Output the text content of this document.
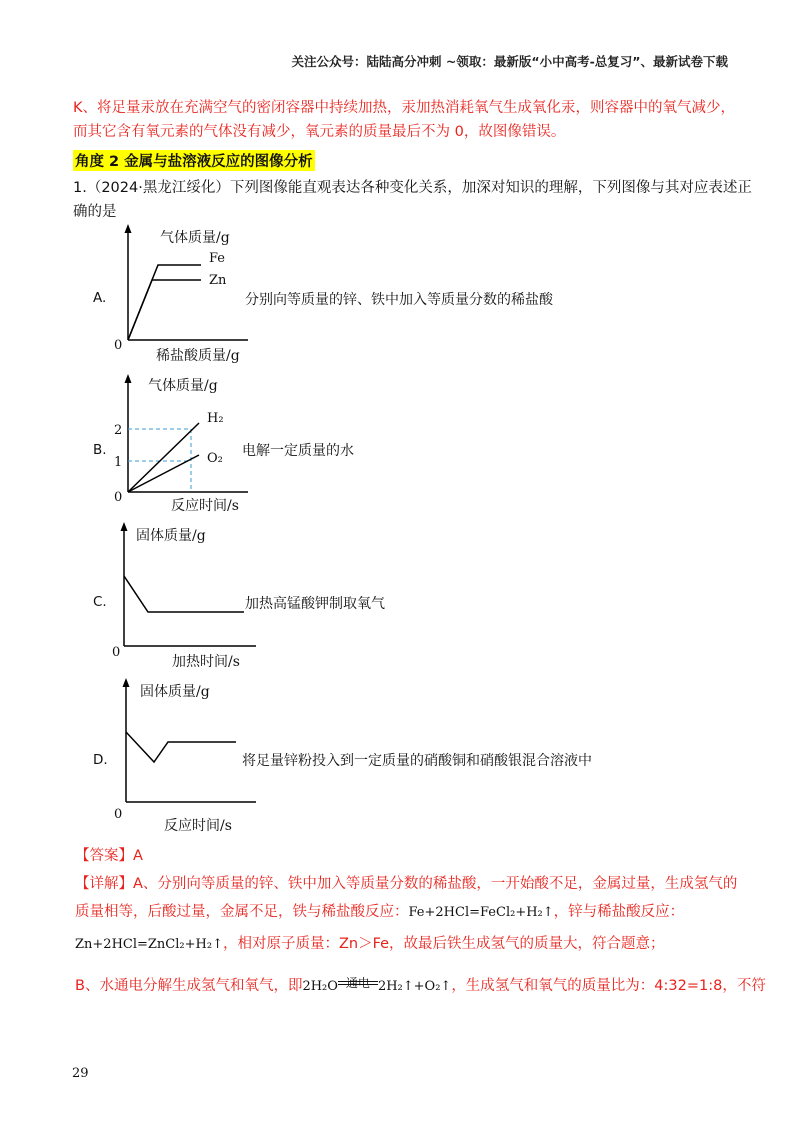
关注公众号：陆陆高分冲刺 ~领取：最新版“小中高考-总复习”、最新试卷下载
K、将足量汞放在充满空气的密闭容器中持续加热，汞加热消耗氧气生成氧化汞，则容器中的氧气减少，
而其它含有氧元素的气体没有减少，氧元素的质量最后不为 0，故图像错误。
角度 2 金属与盐溶液反应的图像分析
1.（2024·黑龙江绥化）下列图像能直观表达各种变化关系，加深对知识的理解，下列图像与其对应表述正
确的是
A.
气体质量/g
Fe
Zn
0
稀盐酸质量/g
分别向等质量的锌、铁中加入等质量分数的稀盐酸
B.
气体质量/g
H₂
O₂
2
1
0
反应时间/s
电解一定质量的水
C.
固体质量/g
0
加热时间/s
加热高锰酸钾制取氧气
D.
固体质量/g
0
反应时间/s
将足量锌粉投入到一定质量的硝酸铜和硝酸银混合溶液中
【答案】A
【详解】A、分别向等质量的锌、铁中加入等质量分数的稀盐酸，一开始酸不足，金属过量，生成氢气的
质量相等，后酸过量，金属不足，铁与稀盐酸反应：Fe+2HCl=FeCl₂+H₂↑，锌与稀盐酸反应：
Zn+2HCl=ZnCl₂+H₂↑，相对原子质量：Zn＞Fe，故最后铁生成氢气的质量大，符合题意；
B、水通电分解生成氢气和氧气，即2H₂O 通电 2H₂↑+O₂↑，生成氢气和氧气的质量比为：4:32=1:8，不符
29
